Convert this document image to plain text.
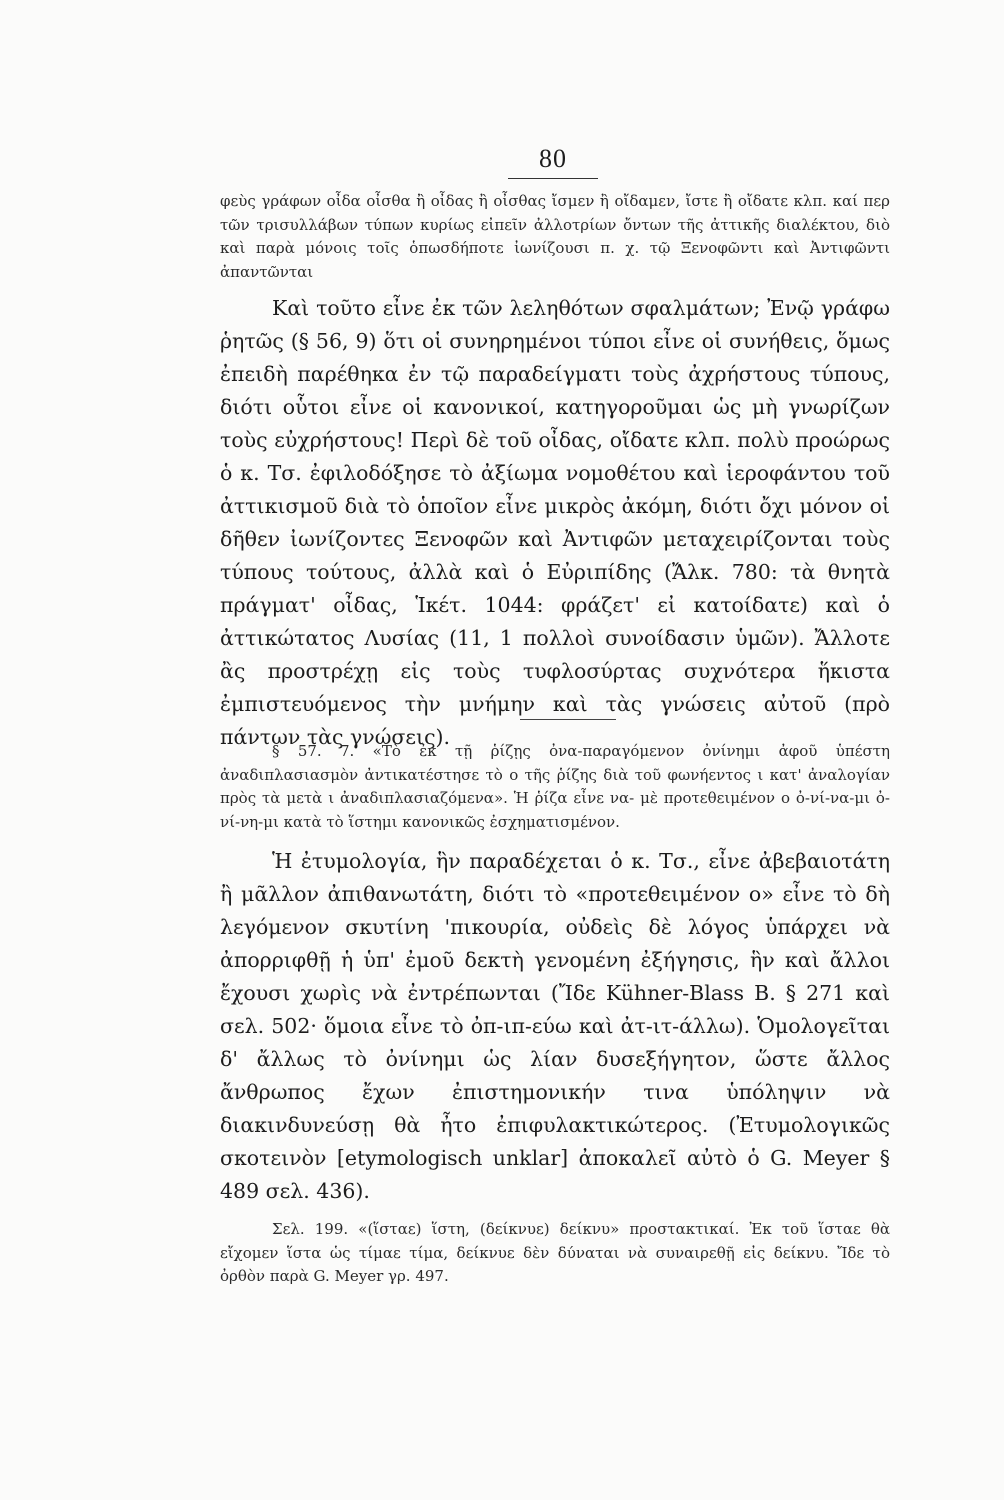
80

φεὺς γράφων οἶδα οἶσθα ἢ οἶδας ἢ οἶσθας ἴσμεν ἢ οἴδαμεν, ἴστε ἢ οἴδατε κλπ. καί περ τῶν τρισυλλάβων τύπων κυρίως εἰπεῖν ἀλλοτρίων ὄντων τῆς ἀττικῆς διαλέκτου, διὸ καὶ παρὰ μόνοις τοῖς ὁπωσδήποτε ἰωνίζουσι π. χ. τῷ Ξενοφῶντι καὶ Ἀντιφῶντι ἀπαντῶνται

Καὶ τοῦτο εἶνε ἐκ τῶν λεληθότων σφαλμάτων; Ἐνῷ γράφω ῥητῶς (§ 56, 9) ὅτι οἱ συνηρημένοι τύποι εἶνε οἱ συνήθεις, ὅμως ἐπειδὴ παρέθηκα ἐν τῷ παραδείγματι τοὺς ἀχρήστους τύπους, διότι οὗτοι εἶνε οἱ κανονικοί, κατηγοροῦμαι ὡς μὴ γνωρίζων τοὺς εὐχρήστους! Περὶ δὲ τοῦ οἶδας, οἴδατε κλπ. πολὺ προώρως ὁ κ. Τσ. ἐφιλοδόξησε τὸ ἀξίωμα νομοθέτου καὶ ἱεροφάντου τοῦ ἀττικισμοῦ διὰ τὸ ὁποῖον εἶνε μικρὸς ἀκόμη, διότι ὄχι μόνον οἱ δῆθεν ἰωνίζοντες Ξενοφῶν καὶ Ἀντιφῶν μεταχειρίζονται τοὺς τύπους τούτους, ἀλλὰ καὶ ὁ Εὐριπίδης (Ἄλκ. 780: τὰ θνητὰ πράγματ' οἶδας, Ἱκέτ. 1044: φράζετ' εἰ κατοίδατε) καὶ ὁ ἀττικώτατος Λυσίας (11, 1 πολλοὶ συνοίδασιν ὑμῶν). Ἄλλοτε ἂς προστρέχῃ εἰς τοὺς τυφλοσύρτας συχνότερα ἥκιστα ἐμπιστευόμενος τὴν μνήμην καὶ τὰς γνώσεις αὐτοῦ (πρὸ πάντων τὰς γνώσεις).

§ 57. 7. «Τὸ ἐκ τῇ ῥίζῃς ὀνα-παραγόμενον ὀνίνημι ἀφοῦ ὑπέστη ἀναδιπλασιασμὸν ἀντικατέστησε τὸ ο τῆς ῥίζης διὰ τοῦ φωνήεντος ι κατ' ἀναλογίαν πρὸς τὰ μετὰ ι ἀναδιπλασιαζόμενα». Ἡ ῥίζα εἶνε να- μὲ προτεθειμένον ο ὀ-νί-να-μι ὀ-νί-νη-μι κατὰ τὸ ἵστημι κανονικῶς ἐσχηματισμένον.

Ἡ ἐτυμολογία, ἣν παραδέχεται ὁ κ. Τσ., εἶνε ἀβεβαιοτάτη ἢ μᾶλλον ἀπιθανωτάτη, διότι τὸ «προτεθειμένον ο» εἶνε τὸ δὴ λεγόμενον σκυτίνη 'πικουρία, οὐδεὶς δὲ λόγος ὑπάρχει νὰ ἀπορριφθῇ ἡ ὑπ' ἐμοῦ δεκτὴ γενομένη ἐξήγησις, ἣν καὶ ἄλλοι ἔχουσι χωρὶς νὰ ἐντρέπωνται (Ἴδε Kühner-Blass B. § 271 καὶ σελ. 502· ὅμοια εἶνε τὸ ὀπ-ιπ-εύω καὶ ἀτ-ιτ-άλλω). Ὁμολογεῖται δ' ἄλλως τὸ ὀνίνημι ὡς λίαν δυσεξήγητον, ὥστε ἄλλος ἄνθρωπος ἔχων ἐπιστημονικήν τινα ὑπόληψιν νὰ διακινδυνεύσῃ θὰ ἦτο ἐπιφυλακτικώτερος. (Ἐτυμολογικῶς σκοτεινὸν [etymologisch unklar] ἀποκαλεῖ αὐτὸ ὁ G. Meyer § 489 σελ. 436).

Σελ. 199. «(ἵσταε) ἵστη, (δείκνυε) δείκνυ» προστακτικαί. Ἐκ τοῦ ἵσταε θὰ εἴχομεν ἵστα ὡς τίμαε τίμα, δείκνυε δὲν δύναται νὰ συναιρεθῇ εἰς δείκνυ. Ἴδε τὸ ὀρθὸν παρὰ G. Meyer γρ. 497.
